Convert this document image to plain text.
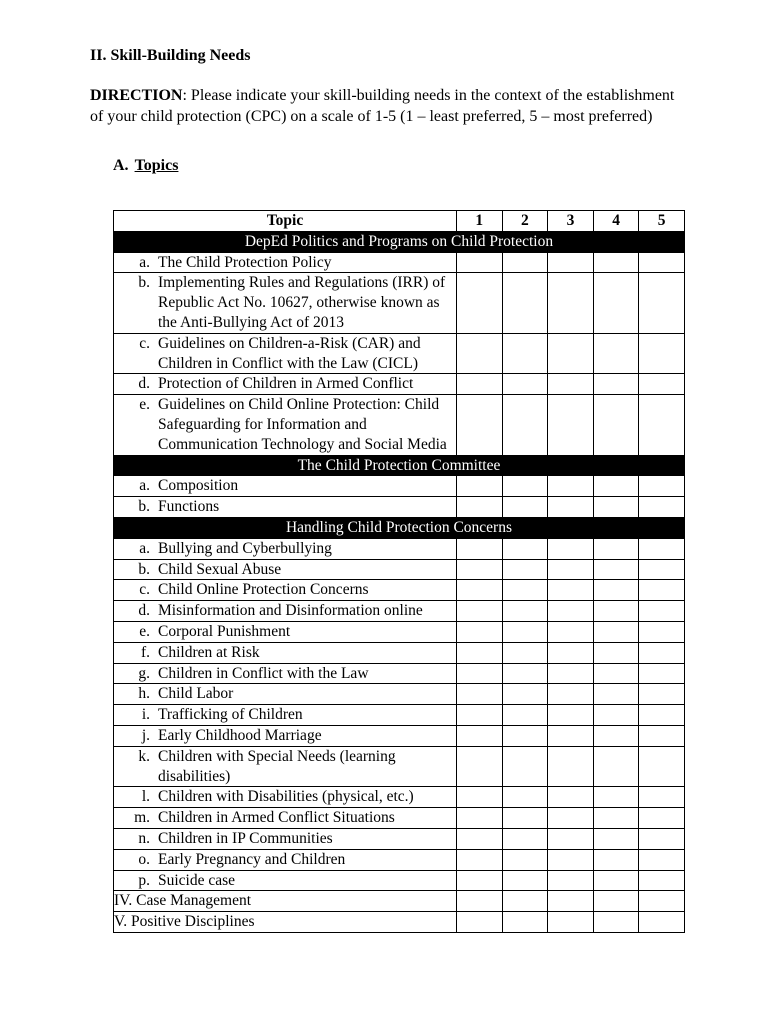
II. Skill-Building Needs
DIRECTION: Please indicate your skill-building needs in the context of the establishment of your child protection (CPC) on a scale of 1-5 (1 – least preferred, 5 – most preferred)
A. Topics
Topic	1	2	3	4	5
DepEd Politics and Programs on Child Protection					
a. The Child Protection Policy					
b. Implementing Rules and Regulations (IRR) of Republic Act No. 10627, otherwise known as the Anti-Bullying Act of 2013					
c. Guidelines on Children-a-Risk (CAR) and Children in Conflict with the Law (CICL)					
d. Protection of Children in Armed Conflict					
e. Guidelines on Child Online Protection: Child Safeguarding for Information and Communication Technology and Social Media					
The Child Protection Committee					
a. Composition					
b. Functions					
Handling Child Protection Concerns					
a. Bullying and Cyberbullying					
b. Child Sexual Abuse					
c. Child Online Protection Concerns					
d. Misinformation and Disinformation online					
e. Corporal Punishment					
f. Children at Risk					
g. Children in Conflict with the Law					
h. Child Labor					
i. Trafficking of Children					
j. Early Childhood Marriage					
k. Children with Special Needs (learning disabilities)					
l. Children with Disabilities (physical, etc.)					
m. Children in Armed Conflict Situations					
n. Children in IP Communities					
o. Early Pregnancy and Children					
p. Suicide case					
IV. Case Management					
V. Positive Disciplines					
